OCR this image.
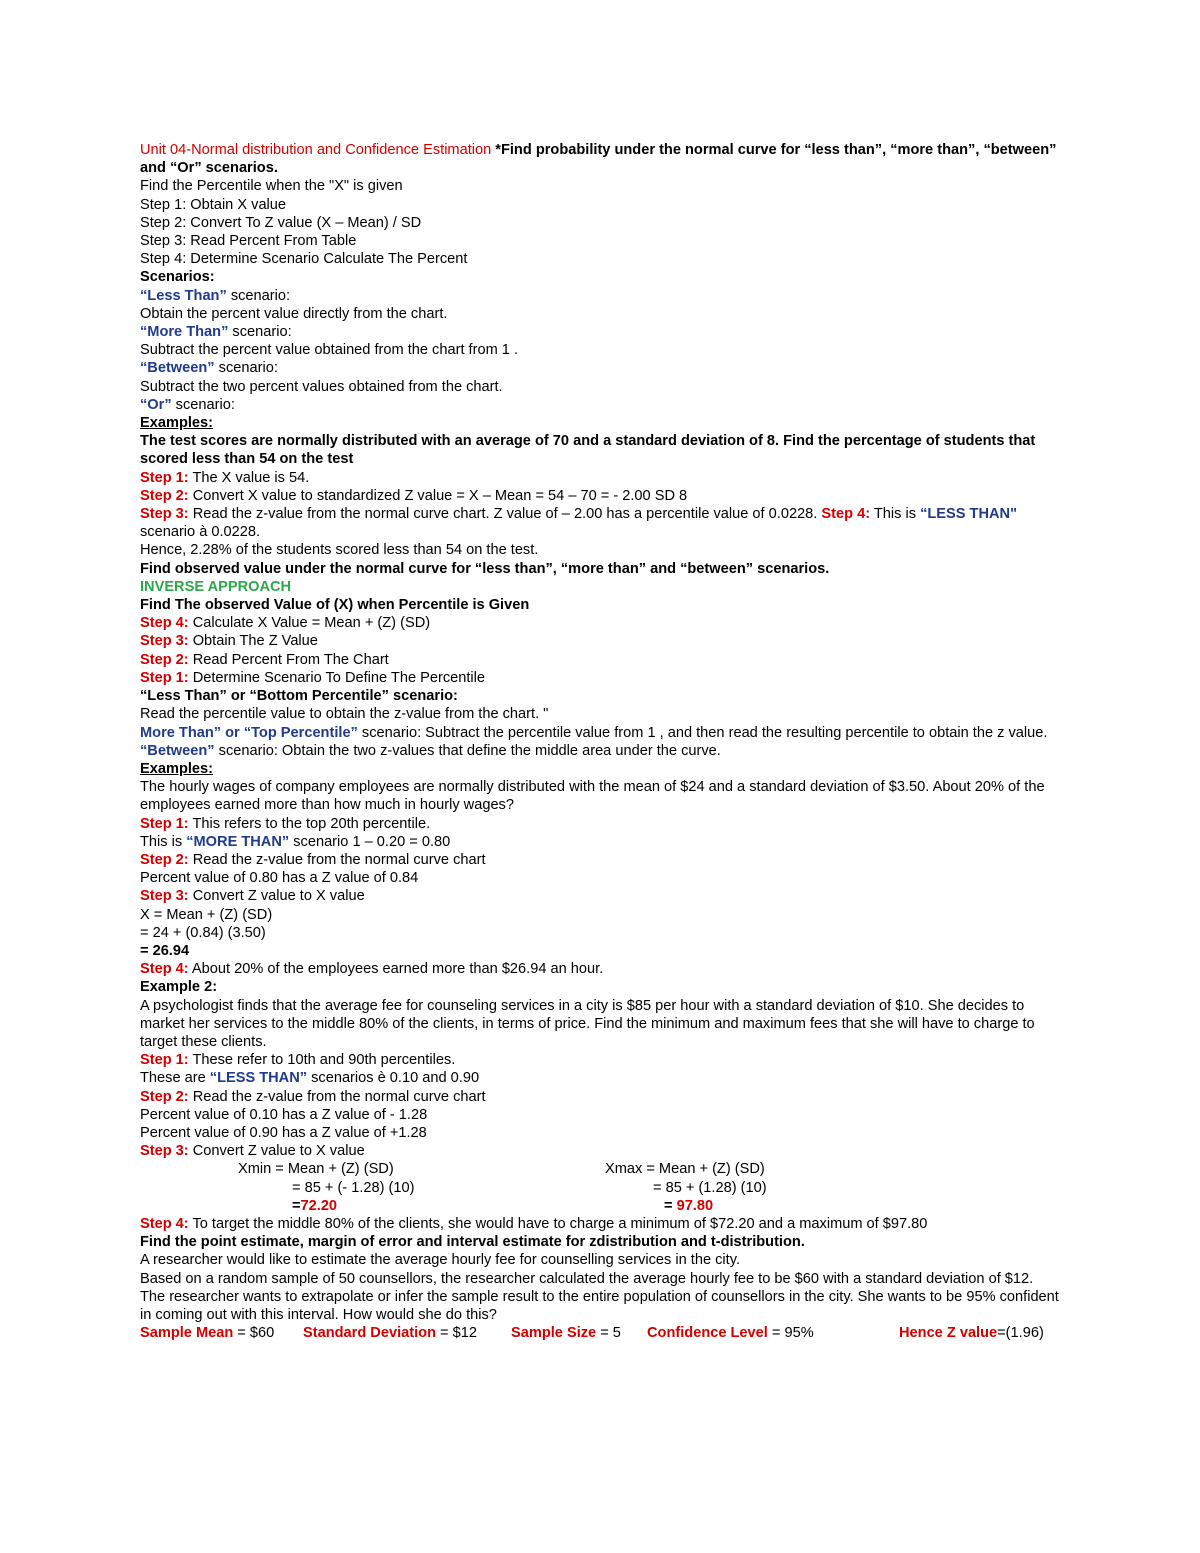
Unit 04-Normal distribution and Confidence Estimation *Find probability under the normal curve for “less than”, “more than”, “between” and “Or” scenarios.
Find the Percentile when the "X" is given
Step 1: Obtain X value
Step 2: Convert To Z value (X – Mean) / SD
Step 3: Read Percent From Table
Step 4: Determine Scenario Calculate The Percent
Scenarios:
“Less Than” scenario:
Obtain the percent value directly from the chart.
“More Than” scenario:
Subtract the percent value obtained from the chart from 1 .
“Between” scenario:
Subtract the two percent values obtained from the chart.
“Or” scenario:
Examples:
The test scores are normally distributed with an average of 70 and a standard deviation of 8. Find the percentage of students that scored less than 54 on the test
Step 1: The X value is 54.
Step 2: Convert X value to standardized Z value = X – Mean = 54 – 70 = - 2.00 SD 8
Step 3: Read the z-value from the normal curve chart. Z value of – 2.00 has a percentile value of 0.0228. Step 4: This is “LESS THAN" scenario à 0.0228.
Hence, 2.28% of the students scored less than 54 on the test.
Find observed value under the normal curve for “less than”, “more than” and “between” scenarios.
INVERSE APPROACH
Find The observed Value of (X) when Percentile is Given
Step 4: Calculate X Value = Mean + (Z) (SD)
Step 3: Obtain The Z Value
Step 2: Read Percent From The Chart
Step 1: Determine Scenario To Define The Percentile
“Less Than” or “Bottom Percentile” scenario:
Read the percentile value to obtain the z-value from the chart. "
More Than” or “Top Percentile” scenario: Subtract the percentile value from 1 , and then read the resulting percentile to obtain the z value.
“Between” scenario: Obtain the two z-values that define the middle area under the curve.
Examples:
The hourly wages of company employees are normally distributed with the mean of $24 and a standard deviation of $3.50. About 20% of the employees earned more than how much in hourly wages?
Step 1: This refers to the top 20th percentile.
This is “MORE THAN” scenario 1 – 0.20 = 0.80
Step 2: Read the z-value from the normal curve chart
Percent value of 0.80 has a Z value of 0.84
Step 3: Convert Z value to X value
X = Mean + (Z) (SD)
= 24 + (0.84) (3.50)
= 26.94
Step 4: About 20% of the employees earned more than $26.94 an hour.
Example 2:
A psychologist finds that the average fee for counseling services in a city is $85 per hour with a standard deviation of $10. She decides to market her services to the middle 80% of the clients, in terms of price. Find the minimum and maximum fees that she will have to charge to target these clients.
Step 1: These refer to 10th and 90th percentiles.
These are “LESS THAN” scenarios è 0.10 and 0.90
Step 2: Read the z-value from the normal curve chart
Percent value of 0.10 has a Z value of - 1.28
Percent value of 0.90 has a Z value of +1.28
Step 3: Convert Z value to X value
Xmin = Mean + (Z) (SD)	Xmax = Mean + (Z) (SD)
= 85 + (- 1.28) (10)	= 85 + (1.28) (10)
=72.20	= 97.80
Step 4: To target the middle 80% of the clients, she would have to charge a minimum of $72.20 and a maximum of $97.80
Find the point estimate, margin of error and interval estimate for zdistribution and t-distribution.
A researcher would like to estimate the average hourly fee for counselling services in the city.
Based on a random sample of 50 counsellors, the researcher calculated the average hourly fee to be $60 with a standard deviation of $12.
The researcher wants to extrapolate or infer the sample result to the entire population of counsellors in the city. She wants to be 95% confident in coming out with this interval. How would she do this?
Sample Mean = $60 Standard Deviation = $12 Sample Size = 5 Confidence Level = 95%	Hence Z value=(1.96)
